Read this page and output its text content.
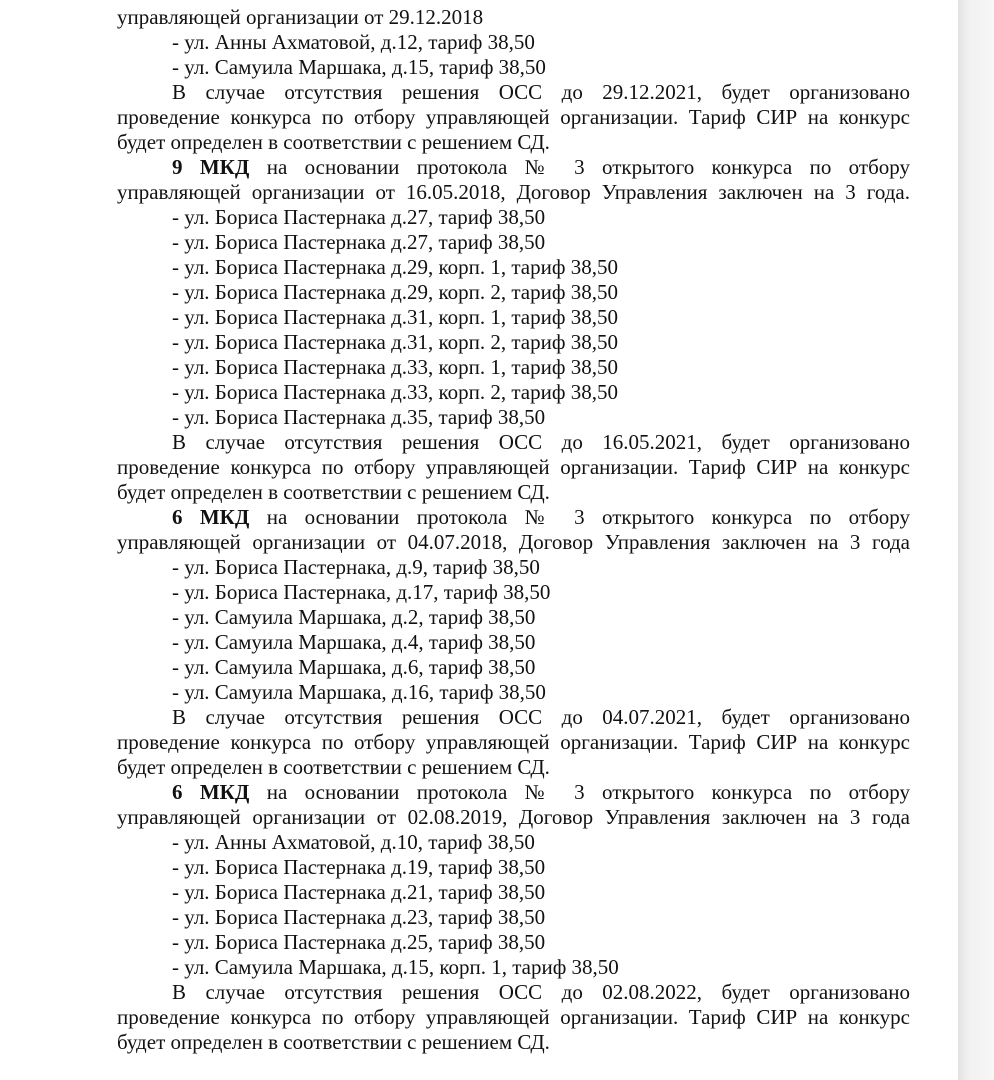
управляющей организации от 29.12.2018
- ул. Анны Ахматовой, д.12, тариф 38,50
- ул. Самуила Маршака, д.15, тариф 38,50
В случае отсутствия решения ОСС до 29.12.2021, будет организовано
проведение конкурса по отбору управляющей организации. Тариф СИР на конкурс
будет определен в соответствии с решением СД.
9 МКД на основании протокола № 3 открытого конкурса по отбору
управляющей организации от 16.05.2018, Договор Управления заключен на 3 года.
- ул. Бориса Пастернака д.27, тариф 38,50
- ул. Бориса Пастернака д.27, тариф 38,50
- ул. Бориса Пастернака д.29, корп. 1, тариф 38,50
- ул. Бориса Пастернака д.29, корп. 2, тариф 38,50
- ул. Бориса Пастернака д.31, корп. 1, тариф 38,50
- ул. Бориса Пастернака д.31, корп. 2, тариф 38,50
- ул. Бориса Пастернака д.33, корп. 1, тариф 38,50
- ул. Бориса Пастернака д.33, корп. 2, тариф 38,50
- ул. Бориса Пастернака д.35, тариф 38,50
В случае отсутствия решения ОСС до 16.05.2021, будет организовано
проведение конкурса по отбору управляющей организации. Тариф СИР на конкурс
будет определен в соответствии с решением СД.
6 МКД на основании протокола № 3 открытого конкурса по отбору
управляющей организации от 04.07.2018, Договор Управления заключен на 3 года
- ул. Бориса Пастернака, д.9, тариф 38,50
- ул. Бориса Пастернака, д.17, тариф 38,50
- ул. Самуила Маршака, д.2, тариф 38,50
- ул. Самуила Маршака, д.4, тариф 38,50
- ул. Самуила Маршака, д.6, тариф 38,50
- ул. Самуила Маршака, д.16, тариф 38,50
В случае отсутствия решения ОСС до 04.07.2021, будет организовано
проведение конкурса по отбору управляющей организации. Тариф СИР на конкурс
будет определен в соответствии с решением СД.
6 МКД на основании протокола № 3 открытого конкурса по отбору
управляющей организации от 02.08.2019, Договор Управления заключен на 3 года
- ул. Анны Ахматовой, д.10, тариф 38,50
- ул. Бориса Пастернака д.19, тариф 38,50
- ул. Бориса Пастернака д.21, тариф 38,50
- ул. Бориса Пастернака д.23, тариф 38,50
- ул. Бориса Пастернака д.25, тариф 38,50
- ул. Самуила Маршака, д.15, корп. 1, тариф 38,50
В случае отсутствия решения ОСС до 02.08.2022, будет организовано
проведение конкурса по отбору управляющей организации. Тариф СИР на конкурс
будет определен в соответствии с решением СД.
